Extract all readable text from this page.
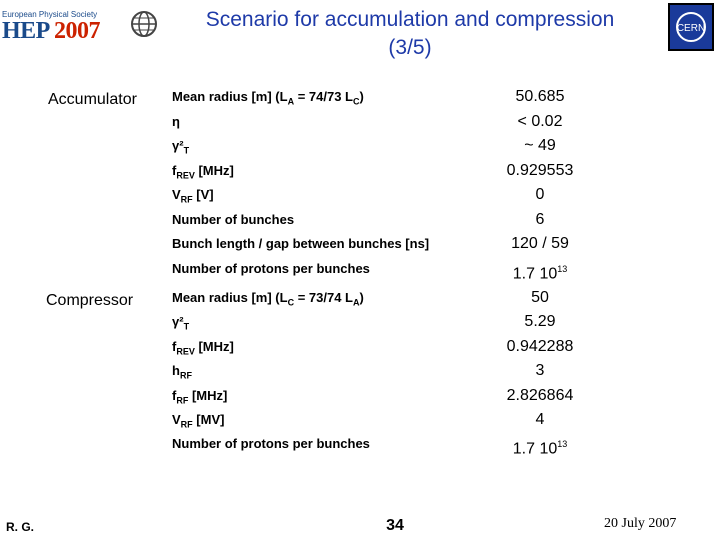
European Physical Society
HEP 2007	Scenario for accumulation and compression
(3/5)
CERN
Accumulator
Compressor
Mean radius [m] ($L_A = 74/73$ $L_C$)	50.685
η	< 0.02
$\gamma^2_T$	~ 49
$f_{REV}$ [MHz]	0.929553
$V_{RF}$ [V]	0
Number of bunches	6
Bunch length / gap between bunches [ns]	120 / 59
Number of protons per bunches	1.7 $10^{13}$
Mean radius [m] ($L_C = 73/74$ $L_A$)	50
$\gamma^2_T$	5.29
$f_{REV}$ [MHz]	0.942288
$h_{RF}$	3
$f_{RF}$ [MHz]	2.826864
$V_{RF}$ [MV]	4
Number of protons per bunches	1.7 $10^{13}$
R. G.	34	20 July 2007
